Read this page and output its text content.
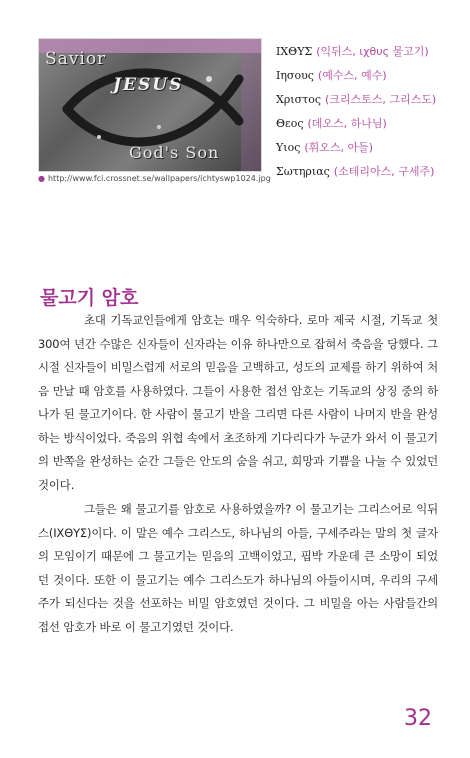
Savior
JESUS
God's Son
● http://www.fci.crossnet.se/wallpapers/ichtyswp1024.jpg
ΙΧΘΥΣ (익뒤스, ιχθυς 물고기)
Ιησους (예수스, 예수)
Χριστος (크리스토스, 그리스도)
Θεος (데오스, 하나님)
Υιος (휘오스, 아들)
Σωτηριας (소테리아스, 구세주)
물고기 암호

초대 기독교인들에게 암호는 매우 익숙하다. 로마 제국 시절, 기독교 첫 300여 년간 수많은 신자들이 신자라는 이유 하나만으로 잡혀서 죽음을 당했다. 그 시절 신자들이 비밀스럽게 서로의 믿음을 고백하고, 성도의 교제를 하기 위하여 처음 만날 때 암호를 사용하였다. 그들이 사용한 접선 암호는 기독교의 상징 중의 하나가 된 물고기이다. 한 사람이 물고기 반을 그리면 다른 사람이 나머지 반을 완성하는 방식이었다. 죽음의 위협 속에서 초조하게 기다리다가 누군가 와서 이 물고기의 반쪽을 완성하는 순간 그들은 안도의 숨을 쉬고, 희망과 기쁨을 나눌 수 있었던 것이다.

그들은 왜 물고기를 암호로 사용하였을까? 이 물고기는 그리스어로 익뒤스(ΙΧΘΥΣ)이다. 이 말은 예수 그리스도, 하나님의 아들, 구세주라는 말의 첫 글자의 모임이기 때문에 그 물고기는 믿음의 고백이었고, 핍박 가운데 큰 소망이 되었던 것이다. 또한 이 물고기는 예수 그리스도가 하나님의 아들이시며, 우리의 구세주가 되신다는 것을 선포하는 비밀 암호였던 것이다. 그 비밀을 아는 사람들간의 접선 암호가 바로 이 물고기였던 것이다.

32
